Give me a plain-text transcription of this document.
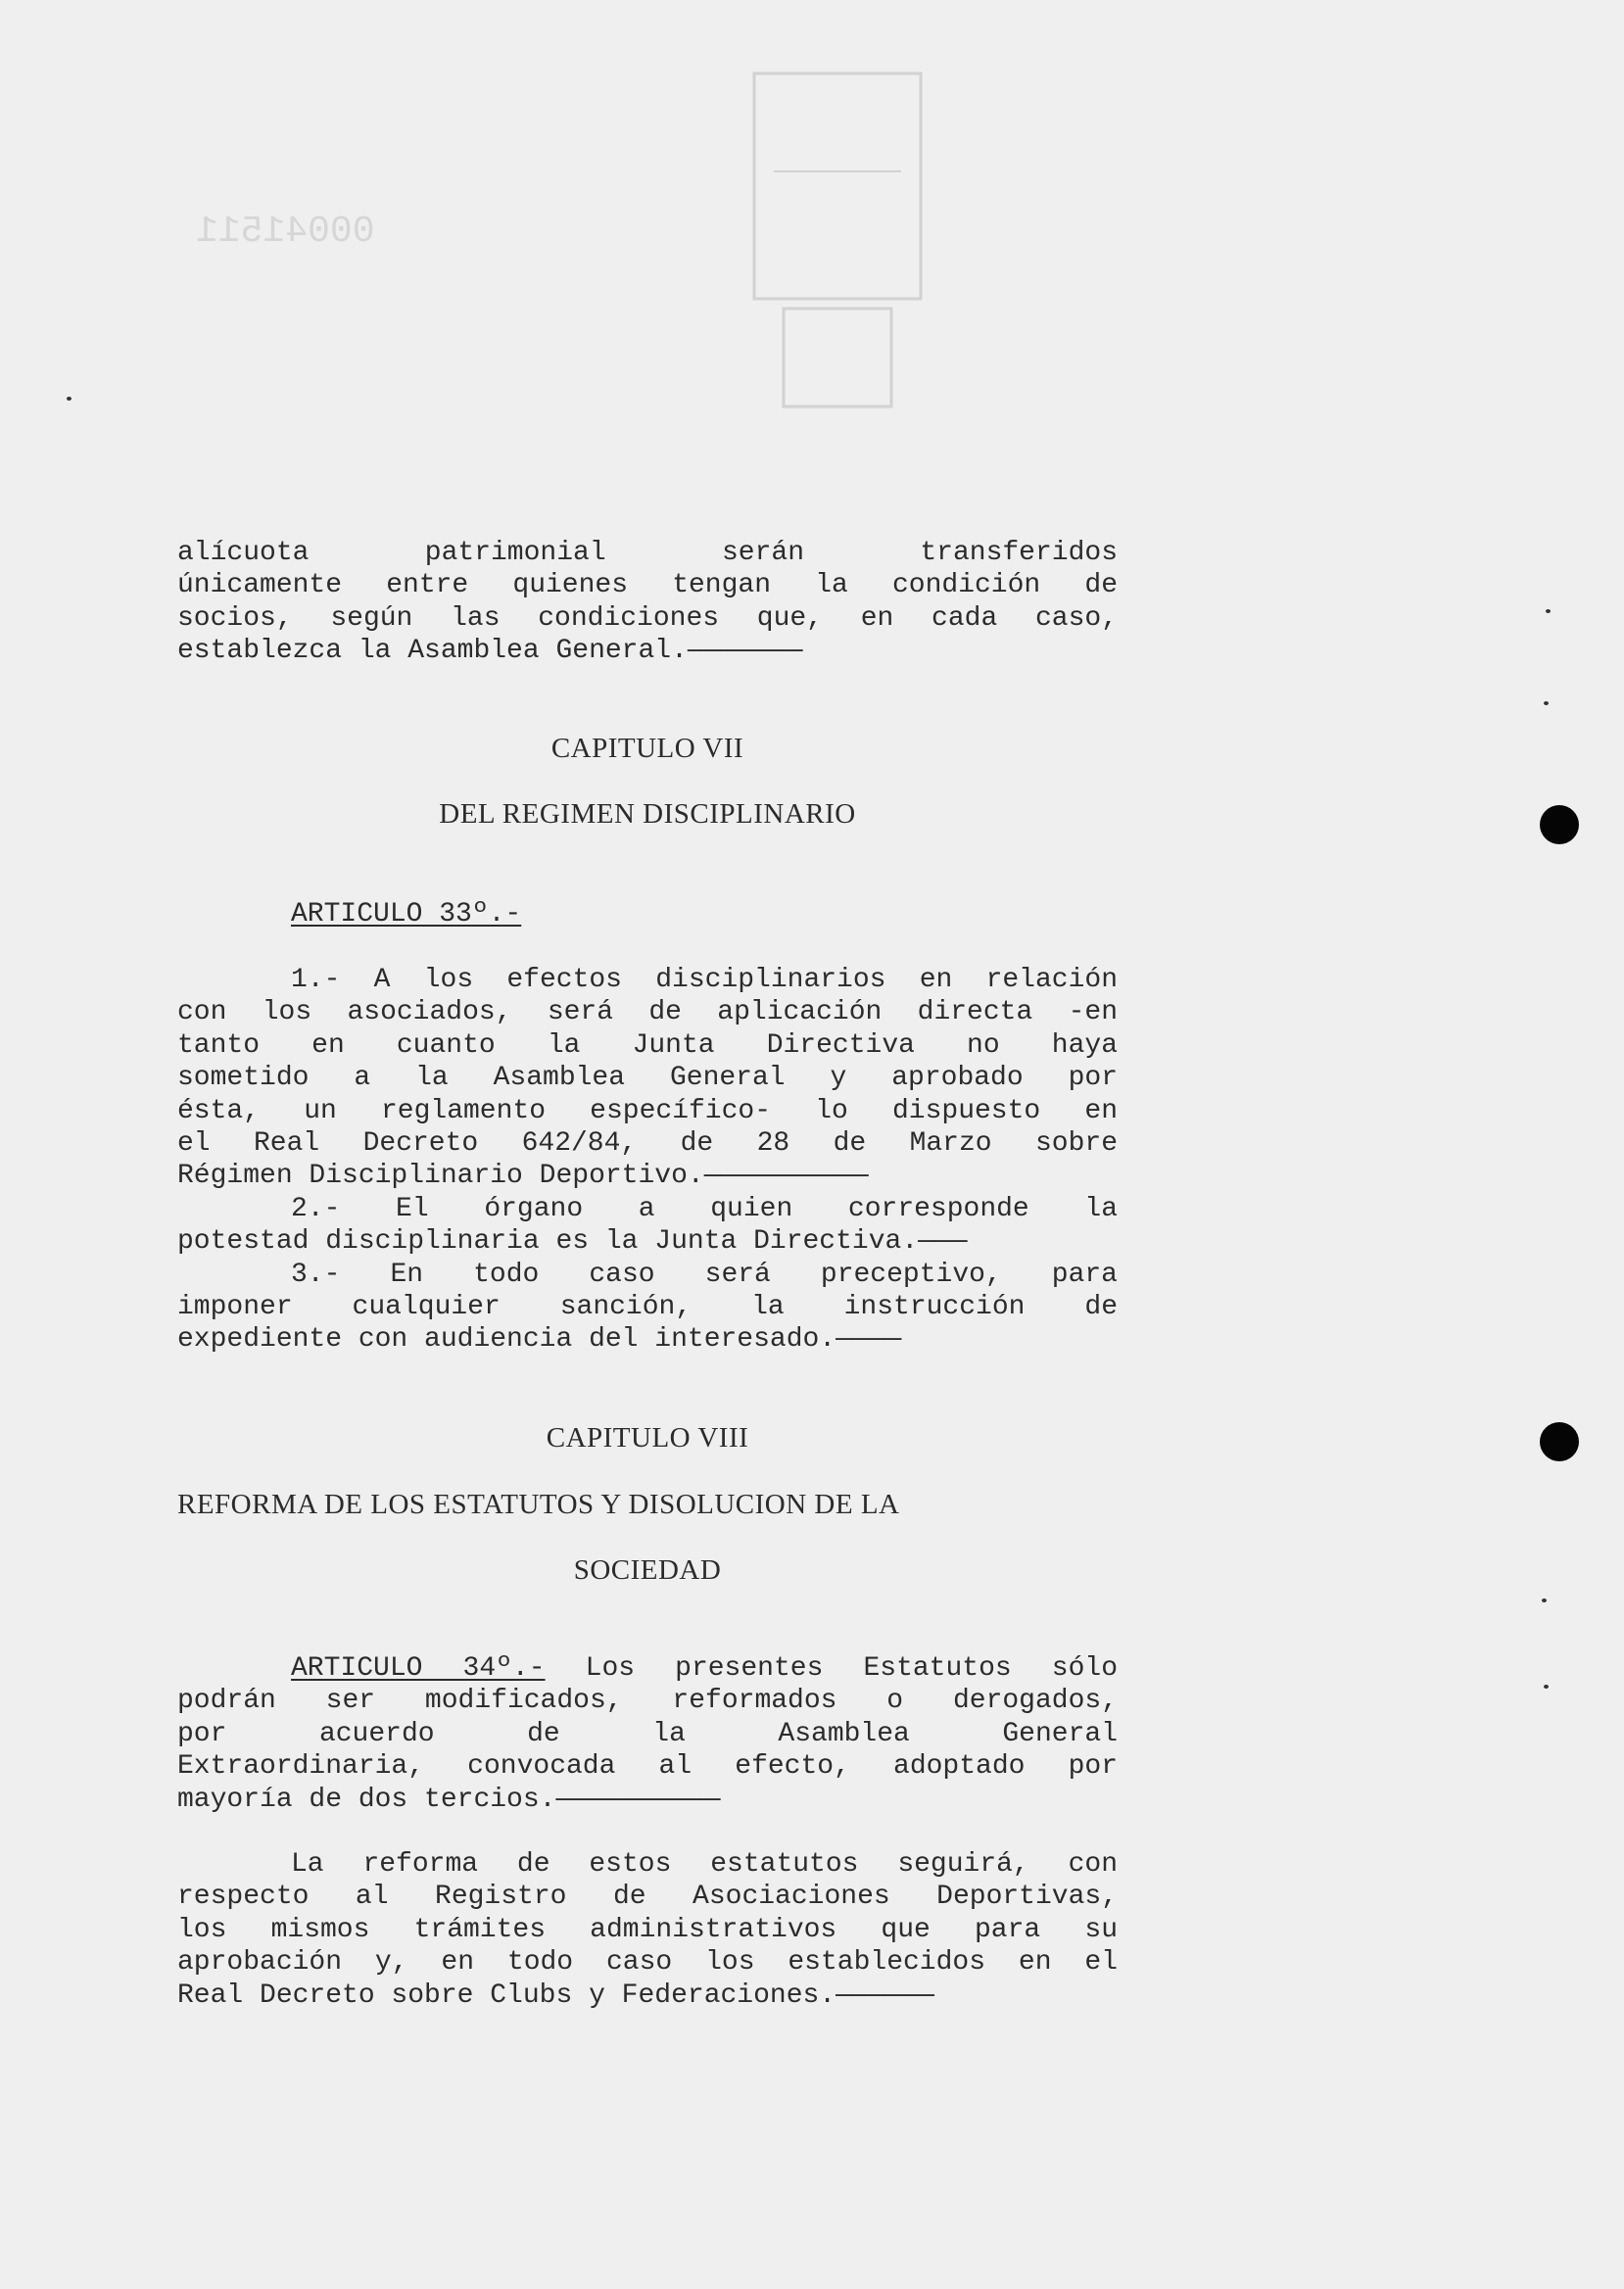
00041511

alícuota patrimonial serán transferidos

únicamente entre quienes tengan la condición de

socios, según las condiciones que, en cada caso,

establezca la Asamblea General.———————

CAPITULO VII

DEL REGIMEN DISCIPLINARIO

ARTICULO 33º.-

1.- A los efectos disciplinarios en relación

con los asociados, será de aplicación directa -en

tanto en cuanto la Junta Directiva no haya

sometido a la Asamblea General y aprobado por

ésta, un reglamento específico- lo dispuesto en

el Real Decreto 642/84, de 28 de Marzo sobre

Régimen Disciplinario Deportivo.——————————

2.- El órgano a quien corresponde la

potestad disciplinaria es la Junta Directiva.———

3.- En todo caso será preceptivo, para

imponer cualquier sanción, la instrucción de

expediente con audiencia del interesado.————

CAPITULO VIII

REFORMA DE LOS ESTATUTOS Y DISOLUCION DE LA

SOCIEDAD

ARTICULO 34º.- Los presentes Estatutos sólo

podrán ser modificados, reformados o derogados,

por acuerdo de la Asamblea General

Extraordinaria, convocada al efecto, adoptado por

mayoría de dos tercios.——————————

La reforma de estos estatutos seguirá, con

respecto al Registro de Asociaciones Deportivas,

los mismos trámites administrativos que para su

aprobación y, en todo caso los establecidos en el

Real Decreto sobre Clubs y Federaciones.——————
